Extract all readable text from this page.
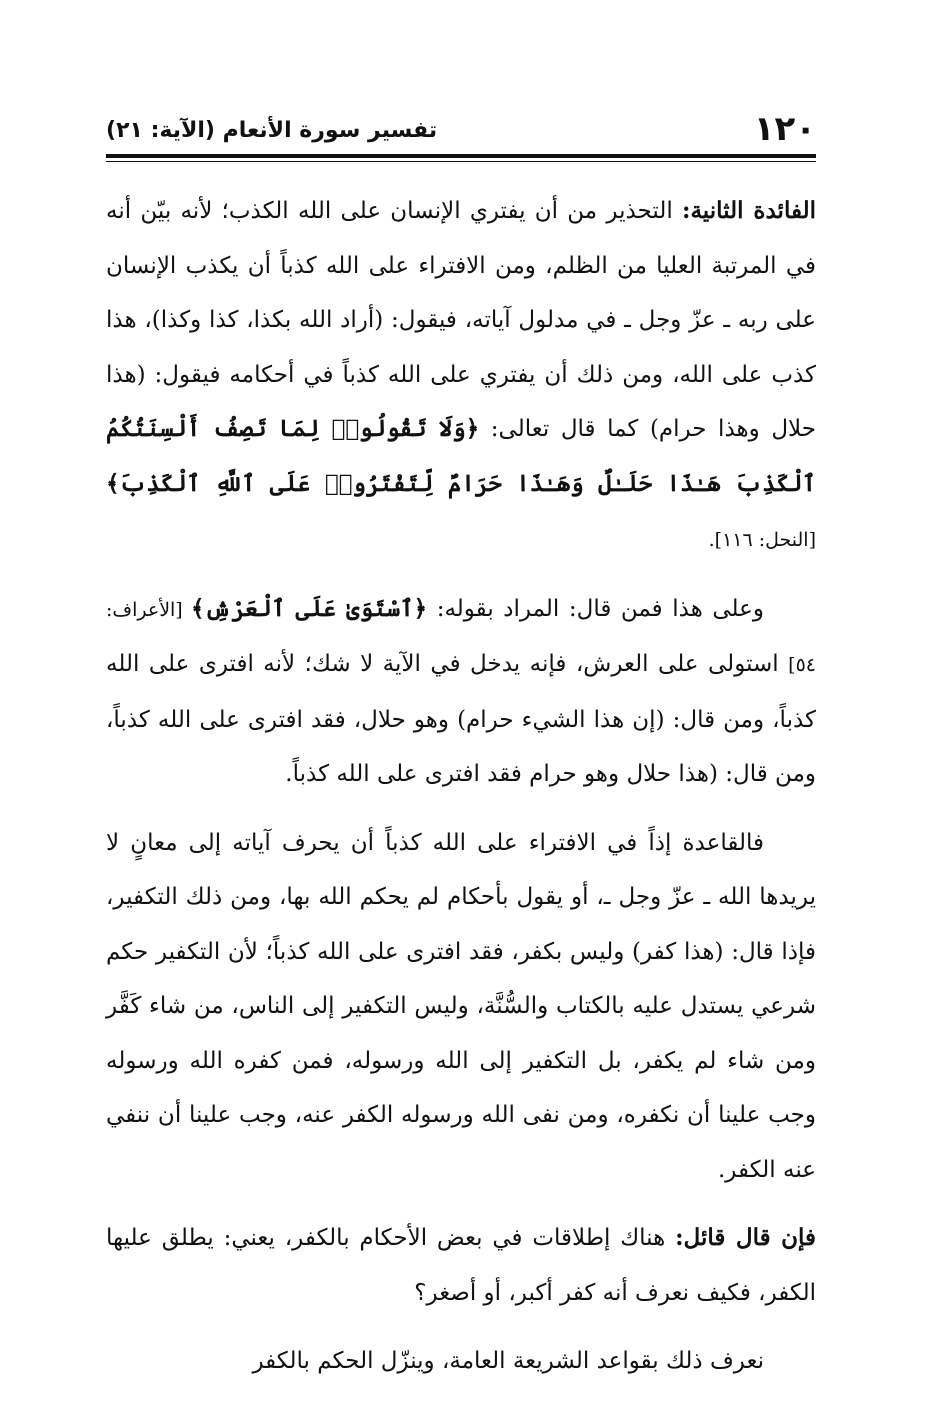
١٢٠
تفسير سورة الأنعام (الآية: ٢١)

الفائدة الثانية: التحذير من أن يفتري الإنسان على الله الكذب؛ لأنه بيّن أنه في المرتبة العليا من الظلم، ومن الافتراء على الله كذباً أن يكذب الإنسان على ربه ـ عزّ وجل ـ في مدلول آياته، فيقول: (أراد الله بكذا، كذا وكذا)، هذا كذب على الله، ومن ذلك أن يفتري على الله كذباً في أحكامه فيقول: (هذا حلال وهذا حرام) كما قال تعالى: ﴿وَلَا تَقُولُوا۟ لِمَا تَصِفُ أَلْسِنَتُكُمُ ٱلْكَذِبَ هَـٰذَا حَلَـٰلٌ وَهَـٰذَا حَرَامٌ لِّتَفْتَرُوا۟ عَلَى ٱللَّهِ ٱلْكَذِبَ﴾ [النحل: ١١٦].

وعلى هذا فمن قال: المراد بقوله: ﴿ٱسْتَوَىٰ عَلَى ٱلْعَرْشِ﴾ [الأعراف: ٥٤] استولى على العرش، فإنه يدخل في الآية لا شك؛ لأنه افترى على الله كذباً، ومن قال: (إن هذا الشيء حرام) وهو حلال، فقد افترى على الله كذباً، ومن قال: (هذا حلال وهو حرام فقد افترى على الله كذباً.

فالقاعدة إذاً في الافتراء على الله كذباً أن يحرف آياته إلى معانٍ لا يريدها الله ـ عزّ وجل ـ، أو يقول بأحكام لم يحكم الله بها، ومن ذلك التكفير، فإذا قال: (هذا كفر) وليس بكفر، فقد افترى على الله كذباً؛ لأن التكفير حكم شرعي يستدل عليه بالكتاب والسُّنَّة، وليس التكفير إلى الناس، من شاء كَفَّر ومن شاء لم يكفر، بل التكفير إلى الله ورسوله، فمن كفره الله ورسوله وجب علينا أن نكفره، ومن نفى الله ورسوله الكفر عنه، وجب علينا أن ننفي عنه الكفر.

فإن قال قائل: هناك إطلاقات في بعض الأحكام بالكفر، يعني: يطلق عليها الكفر، فكيف نعرف أنه كفر أكبر، أو أصغر؟

نعرف ذلك بقواعد الشريعة العامة، وينزّل الحكم بالكفر
